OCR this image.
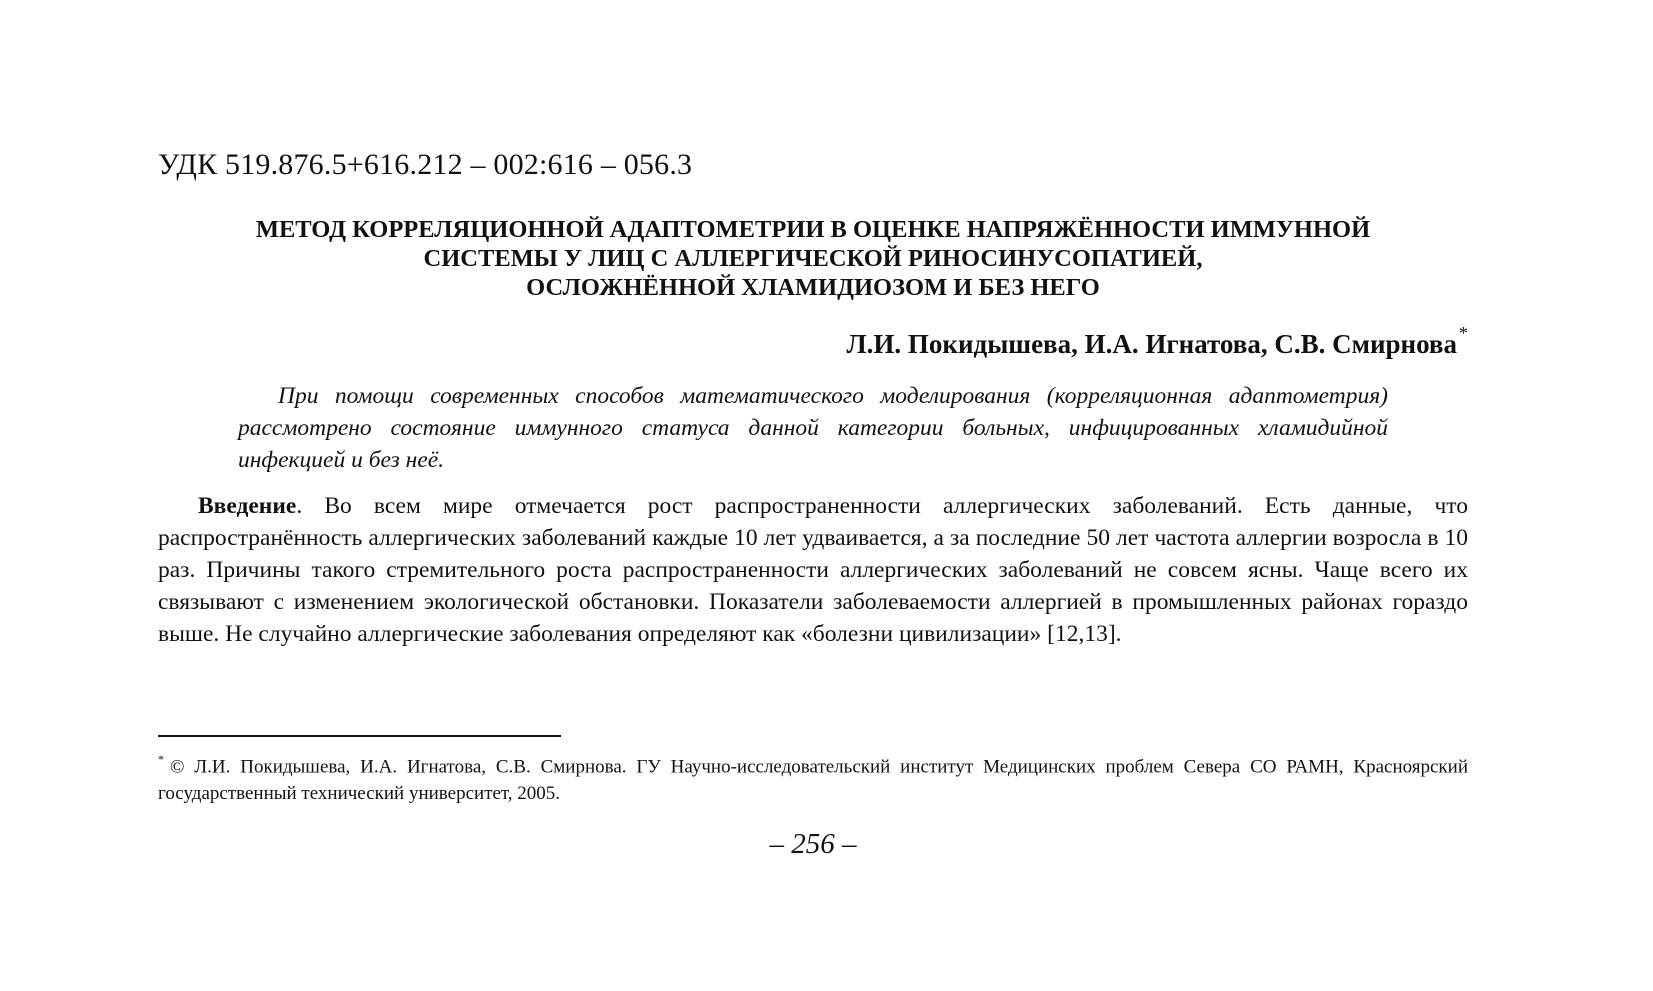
УДК 519.876.5+616.212 – 002:616 – 056.3
МЕТОД КОРРЕЛЯЦИОННОЙ АДАПТОМЕТРИИ В ОЦЕНКЕ НАПРЯЖЁННОСТИ ИММУННОЙ
СИСТЕМЫ У ЛИЦ С АЛЛЕРГИЧЕСКОЙ РИНОСИНУСОПАТИЕЙ,
ОСЛОЖНЁННОЙ ХЛАМИДИОЗОМ И БЕЗ НЕГО
Л.И. Покидышева, И.А. Игнатова, С.В. Смирнова *
При помощи современных способов математического моделирования (корреляционная адаптометрия) рассмотрено состояние иммунного статуса данной категории больных, инфицированных хламидийной инфекцией и без неё.
Введение. Во всем мире отмечается рост распространенности аллергических заболеваний. Есть данные, что распространённость аллергических заболеваний каждые 10 лет удваивается, а за последние 50 лет частота аллергии возросла в 10 раз. Причины такого стремительного роста распространенности аллергических заболеваний не совсем ясны. Чаще всего их связывают с изменением экологической обстановки. Показатели заболеваемости аллергией в промышленных районах гораздо выше. Не случайно аллергические заболевания определяют как «болезни цивилизации» [12,13].
* © Л.И. Покидышева, И.А. Игнатова, С.В. Смирнова. ГУ Научно-исследовательский институт Медицинских проблем Севера СО РАМН, Красноярский государственный технический университет, 2005.
– 256 –
